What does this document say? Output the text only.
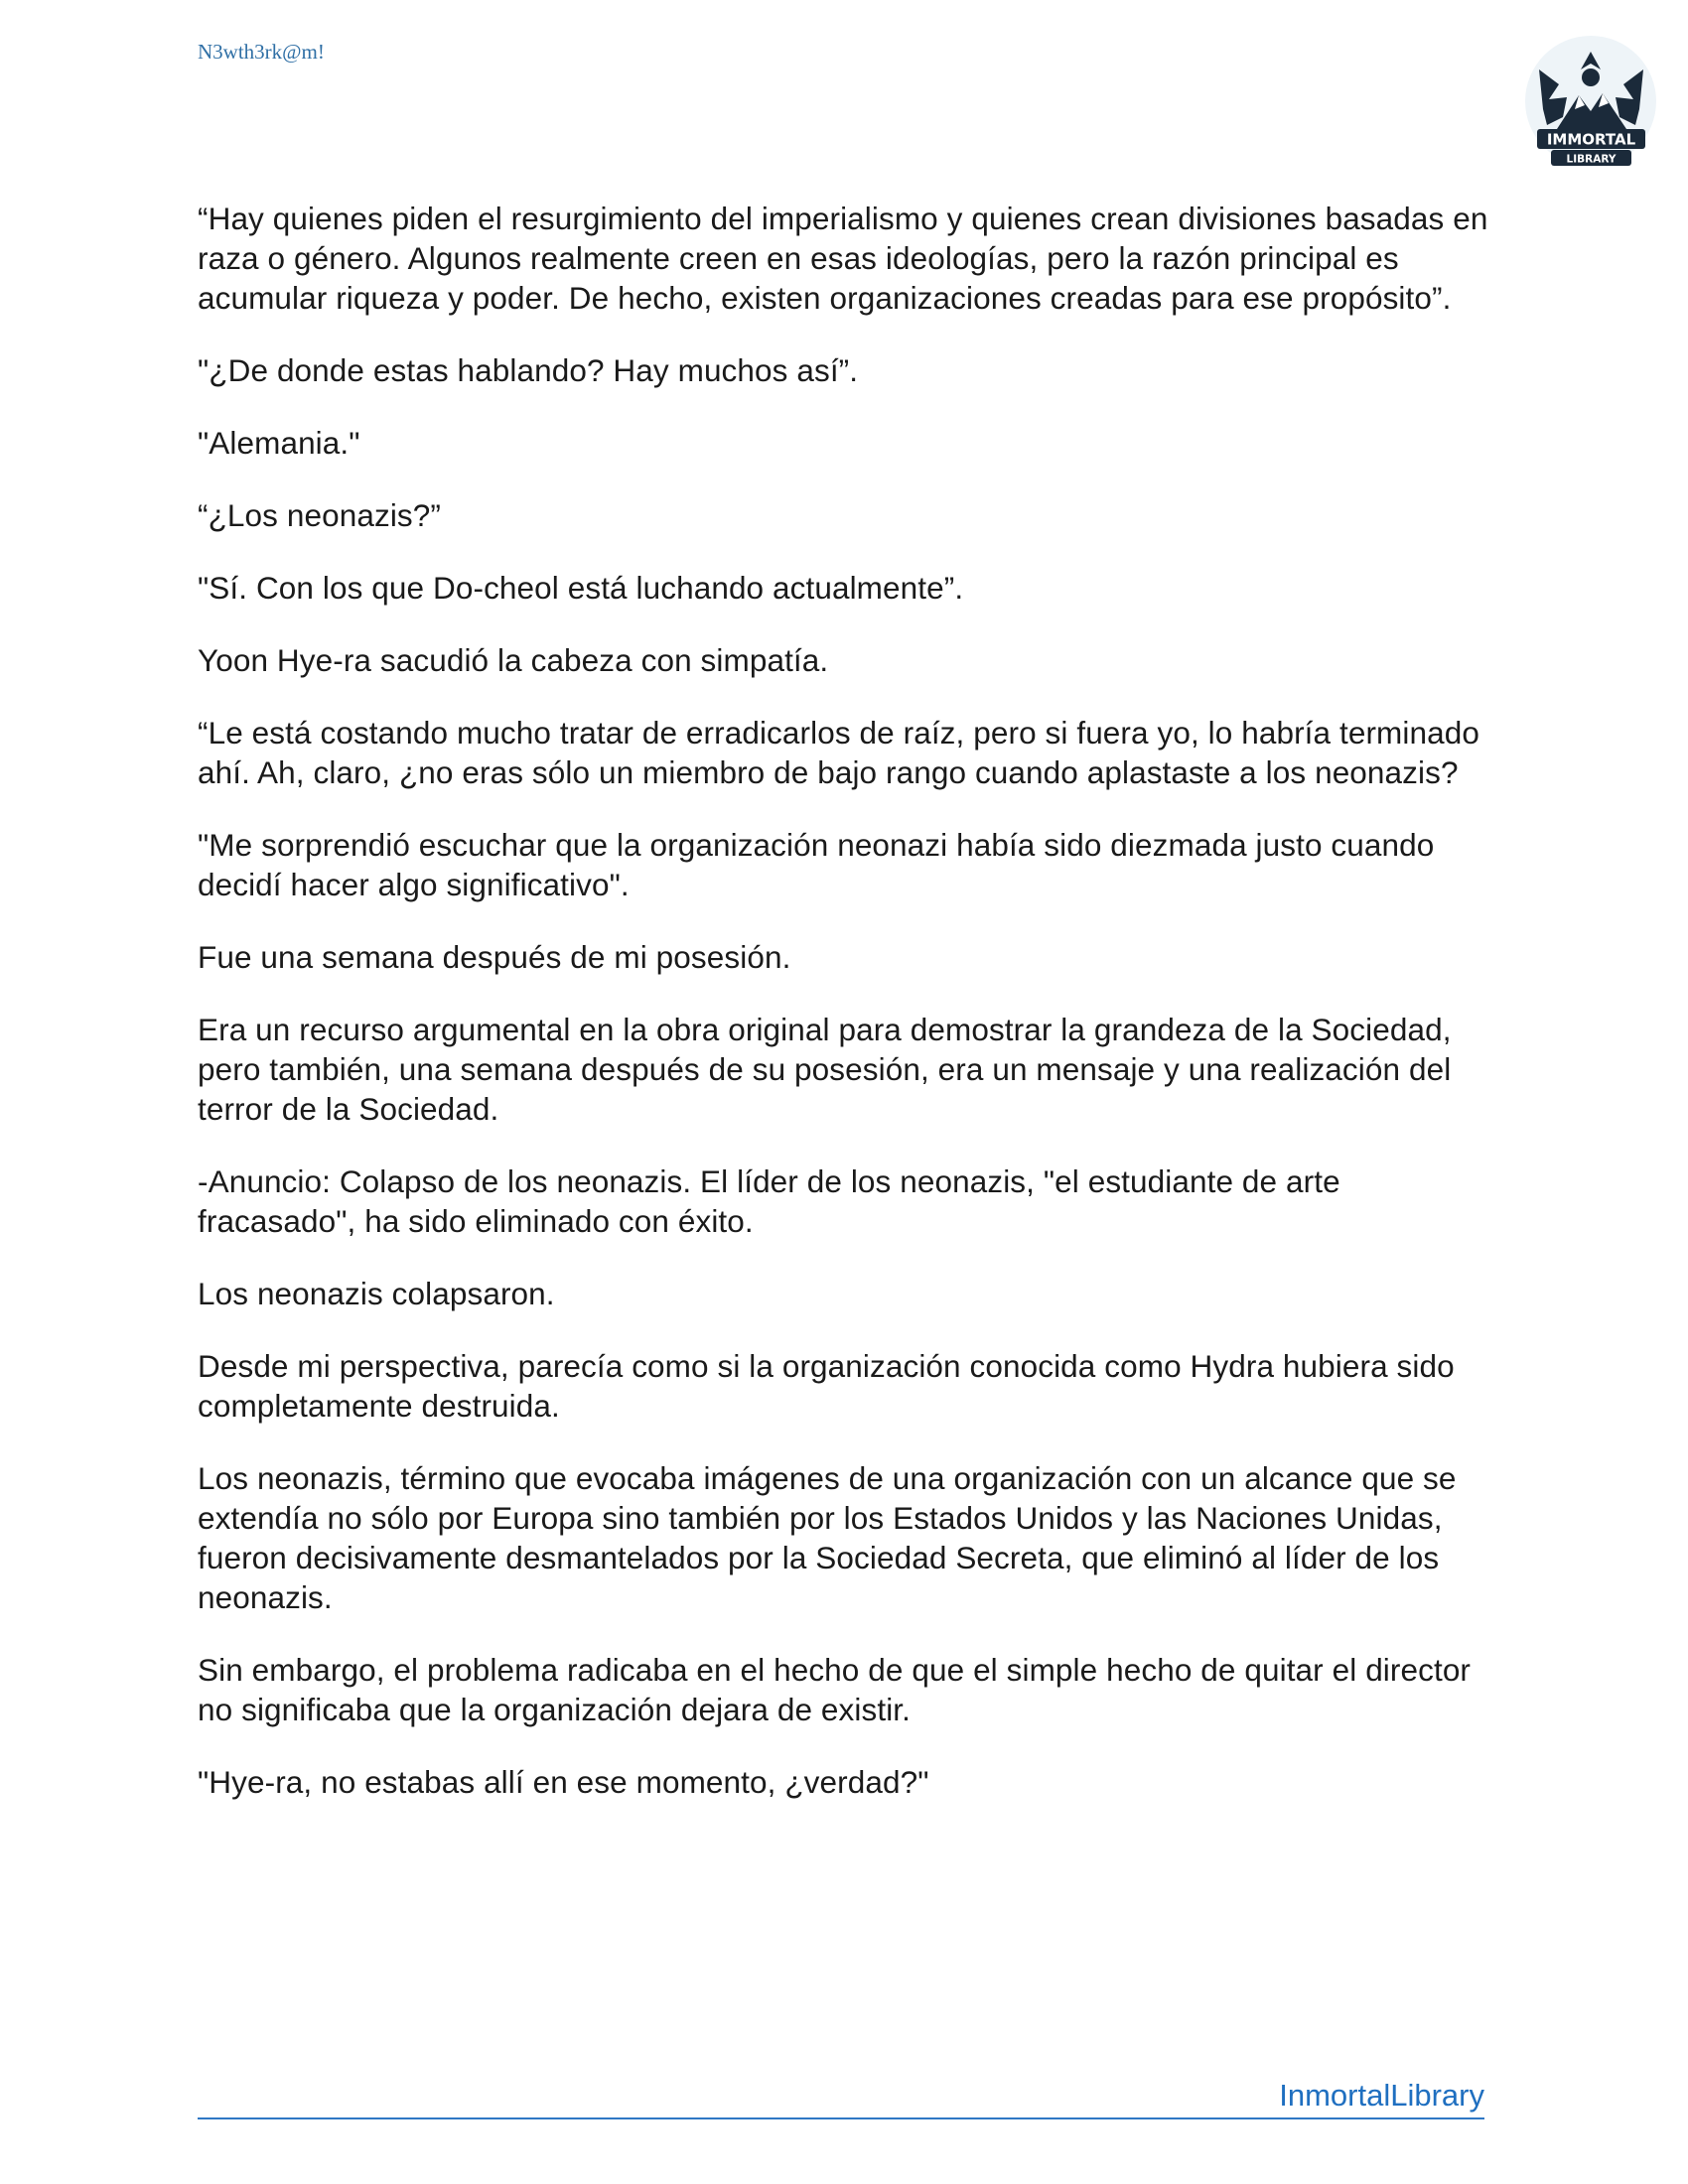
N3wth3rk@m!
IMMORTAL
LIBRARY

“Hay quienes piden el resurgimiento del imperialismo y quienes crean divisiones basadas en raza o género. Algunos realmente creen en esas ideologías, pero la razón principal es acumular riqueza y poder. De hecho, existen organizaciones creadas para ese propósito”.

"¿De donde estas hablando? Hay muchos así”.

"Alemania."

“¿Los neonazis?”

"Sí. Con los que Do-cheol está luchando actualmente”.

Yoon Hye-ra sacudió la cabeza con simpatía.

“Le está costando mucho tratar de erradicarlos de raíz, pero si fuera yo, lo habría terminado ahí. Ah, claro, ¿no eras sólo un miembro de bajo rango cuando aplastaste a los neonazis?

"Me sorprendió escuchar que la organización neonazi había sido diezmada justo cuando decidí hacer algo significativo".

Fue una semana después de mi posesión.

Era un recurso argumental en la obra original para demostrar la grandeza de la Sociedad, pero también, una semana después de su posesión, era un mensaje y una realización del terror de la Sociedad.

-Anuncio: Colapso de los neonazis. El líder de los neonazis, "el estudiante de arte fracasado", ha sido eliminado con éxito.

Los neonazis colapsaron.

Desde mi perspectiva, parecía como si la organización conocida como Hydra hubiera sido completamente destruida.

Los neonazis, término que evocaba imágenes de una organización con un alcance que se extendía no sólo por Europa sino también por los Estados Unidos y las Naciones Unidas, fueron decisivamente desmantelados por la Sociedad Secreta, que eliminó al líder de los neonazis.

Sin embargo, el problema radicaba en el hecho de que el simple hecho de quitar el director no significaba que la organización dejara de existir.

"Hye-ra, no estabas allí en ese momento, ¿verdad?"

InmortalLibrary
